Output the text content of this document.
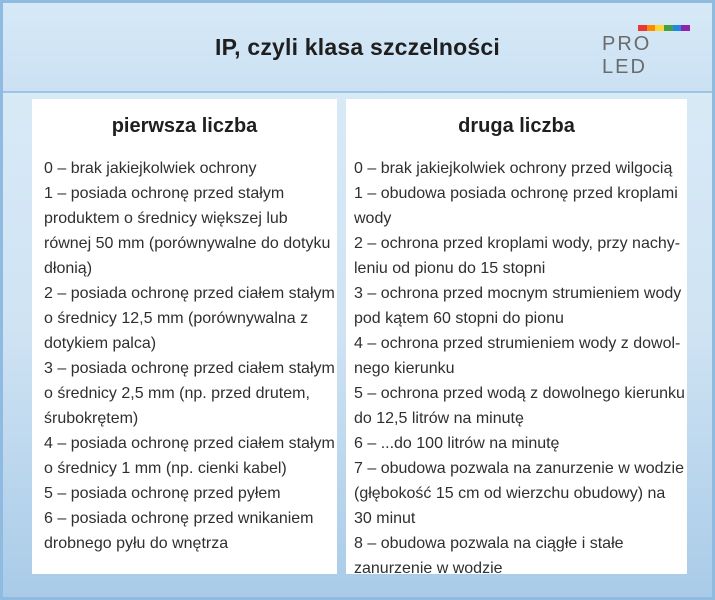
IP, czyli klasa szczelności	PRO LED
pierwsza liczba

0 – brak jakiejkolwiek ochrony

1 – posiada ochronę przed stałym produktem o średnicy większej lub równej 50 mm (porównywalne do dotyku dłonią)

2 – posiada ochronę przed ciałem stałym o średnicy 12,5 mm (porównywalna z dotykiem palca)

3 – posiada ochronę przed ciałem stałym o średnicy 2,5 mm (np. przed drutem, śrubokrętem)

4 – posiada ochronę przed ciałem stałym o średnicy 1 mm (np. cienki kabel)

5 – posiada ochronę przed pyłem

6 – posiada ochronę przed wnikaniem drobnego pyłu do wnętrza

druga liczba

0 – brak jakiejkolwiek ochrony przed wilgocią

1 – obudowa posiada ochronę przed kroplami wody

2 – ochrona przed kroplami wody, przy nachy-leniu od pionu do 15 stopni

3 – ochrona przed mocnym strumieniem wody pod kątem 60 stopni do pionu

4 – ochrona przed strumieniem wody z dowol-nego kierunku

5 – ochrona przed wodą z dowolnego kierunku do 12,5 litrów na minutę

6 – ...do 100 litrów na minutę

7 – obudowa pozwala na zanurzenie w wodzie (głębokość 15 cm od wierzchu obudowy) na 30 minut

8 – obudowa pozwala na ciągłe i stałe zanurzenie w wodzie
